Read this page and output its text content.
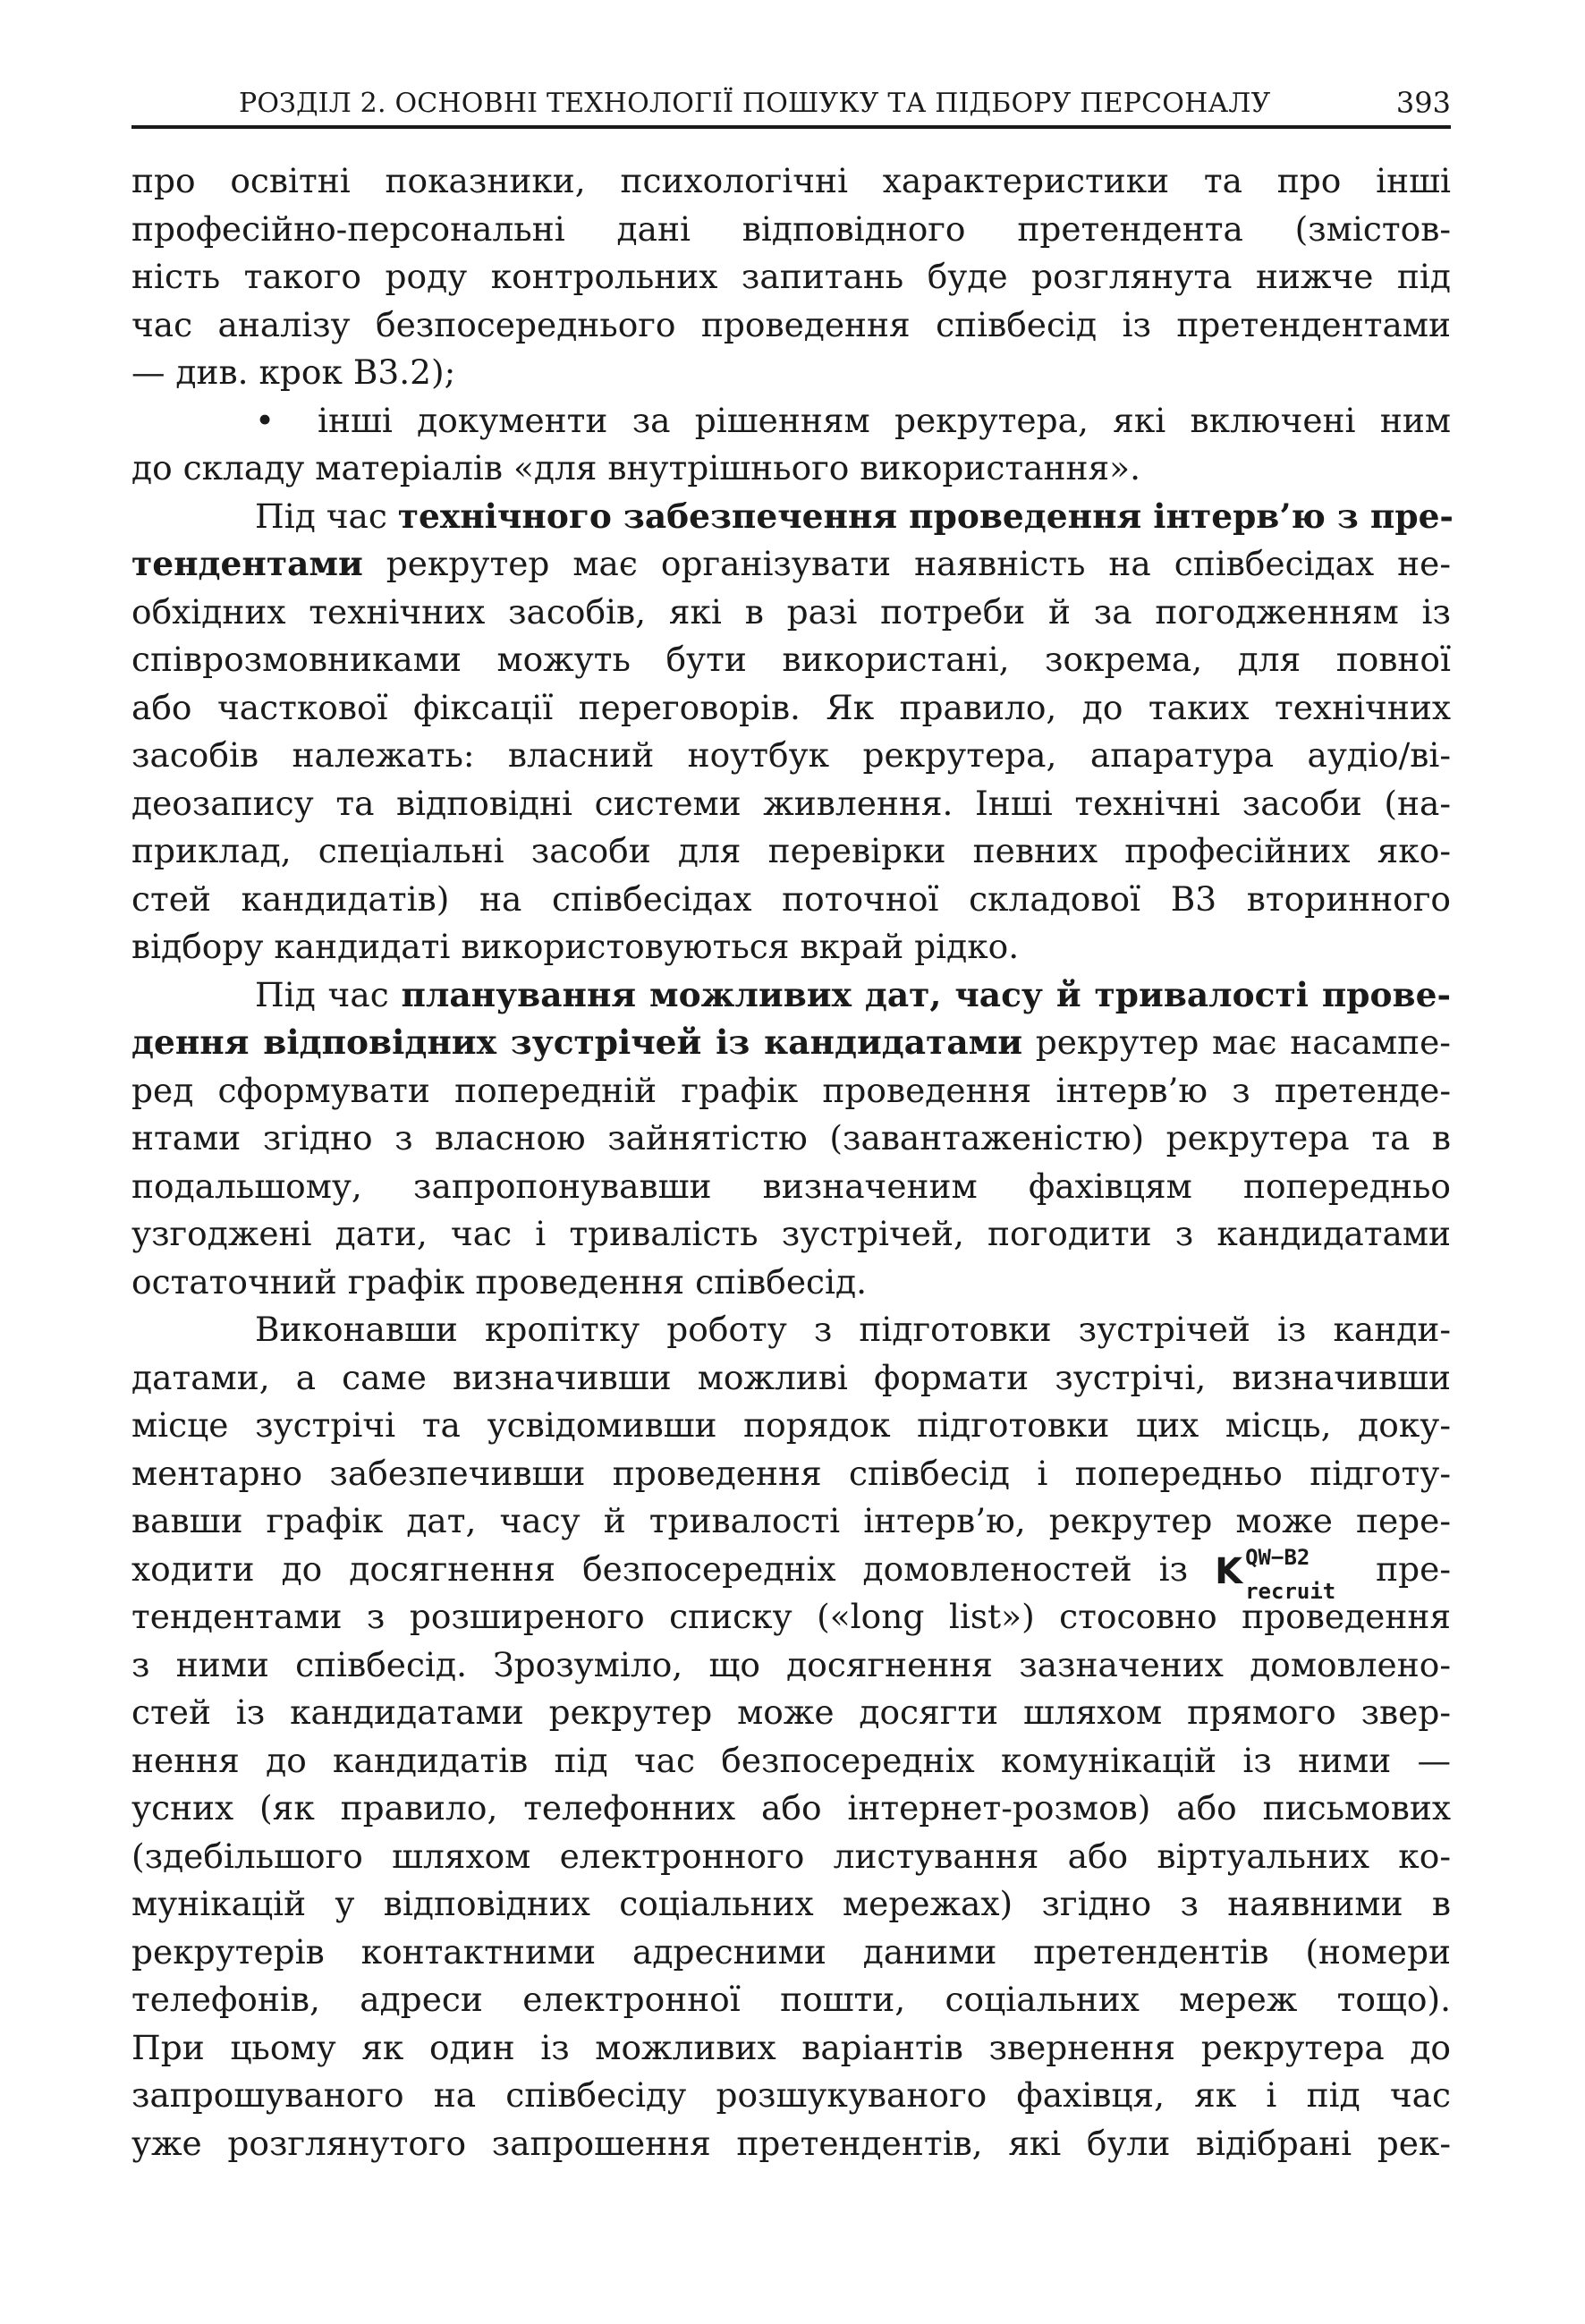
РОЗДІЛ 2. ОСНОВНІ ТЕХНОЛОГІЇ ПОШУКУ ТА ПІДБОРУ ПЕРСОНАЛУ	393
про освітні показники, психологічні характеристики та про інші
професійно-персональні дані відповідного претендента (змістов-
ність такого роду контрольних запитань буде розглянута нижче під
час аналізу безпосереднього проведення співбесід із претендентами
— див. крок В3.2);
• інші документи за рішенням рекрутера, які включені ним
до складу матеріалів «для внутрішнього використання».
Під час технічного забезпечення проведення інтерв’ю з пре-
тендентами рекрутер має організувати наявність на співбесідах не-
обхідних технічних засобів, які в разі потреби й за погодженням із
співрозмовниками можуть бути використані, зокрема, для повної
або часткової фіксації переговорів. Як правило, до таких технічних
засобів належать: власний ноутбук рекрутера, апаратура аудіо/ві-
деозапису та відповідні системи живлення. Інші технічні засоби (на-
приклад, спеціальні засоби для перевірки певних професійних яко-
стей кандидатів) на співбесідах поточної складової В3 вторинного
відбору кандидаті використовуються вкрай рідко.
Під час планування можливих дат, часу й тривалості прове-
дення відповідних зустрічей із кандидатами рекрутер має насампе-
ред сформувати попередній графік проведення інтерв’ю з претенде-
нтами згідно з власною зайнятістю (завантаженістю) рекрутера та в
подальшому, запропонувавши визначеним фахівцям попередньо
узгоджені дати, час і тривалість зустрічей, погодити з кандидатами
остаточний графік проведення співбесід.
Виконавши кропітку роботу з підготовки зустрічей із канди-
датами, а саме визначивши можливі формати зустрічі, визначивши
місце зустрічі та усвідомивши порядок підготовки цих місць, доку-
ментарно забезпечивши проведення співбесід і попередньо підготу-
вавши графік дат, часу й тривалості інтерв’ю, рекрутер може пере-
ходити до досягнення безпосередніх домовленостей із K QW−B2
recruit
пре-
тендентами з розширеного списку («long list») стосовно проведення
з ними співбесід. Зрозуміло, що досягнення зазначених домовлено-
стей із кандидатами рекрутер може досягти шляхом прямого звер-
нення до кандидатів під час безпосередніх комунікацій із ними —
усних (як правило, телефонних або інтернет-розмов) або письмових
(здебільшого шляхом електронного листування або віртуальних ко-
мунікацій у відповідних соціальних мережах) згідно з наявними в
рекрутерів контактними адресними даними претендентів (номери
телефонів, адреси електронної пошти, соціальних мереж тощо).
При цьому як один із можливих варіантів звернення рекрутера до
запрошуваного на співбесіду розшукуваного фахівця, як і під час
уже розглянутого запрошення претендентів, які були відібрані рек-
